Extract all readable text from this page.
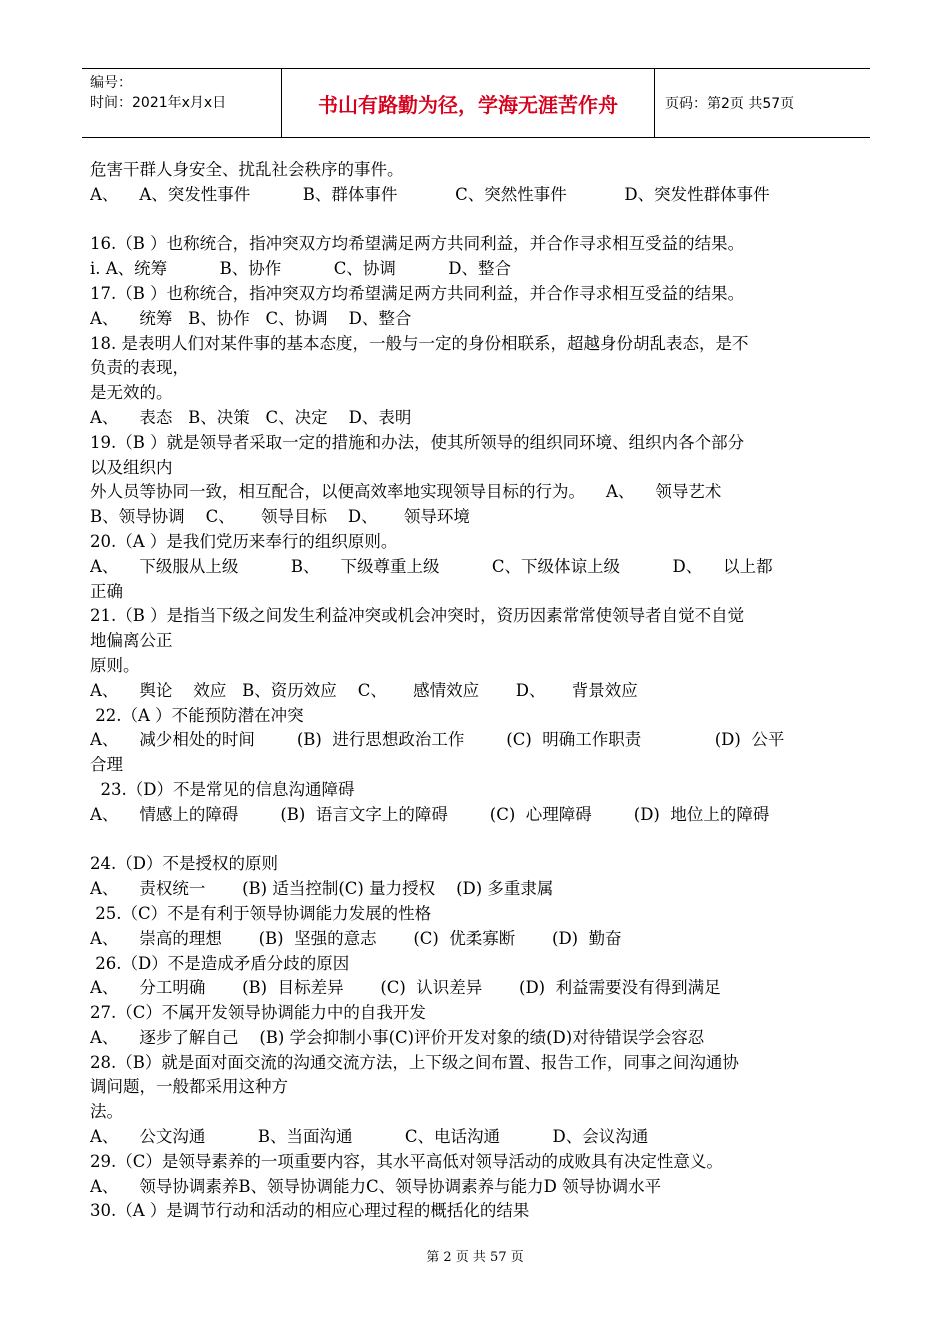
编号：
时间：2021年x月x日	书山有路勤为径，学海无涯苦作舟	页码：第2页 共57页
危害干群人身安全、扰乱社会秩序的事件。
A、    A、突发性事件          B、群体事件           C、突然性事件           D、突发性群体事件
16.（B ）也称统合，指冲突双方均希望满足两方共同利益，并合作寻求相互受益的结果。
i. A、统筹          B、协作          C、协调          D、整合
17.（B ）也称统合，指冲突双方均希望满足两方共同利益，并合作寻求相互受益的结果。
A、    统筹   B、协作   C、协调    D、整合
18. 是表明人们对某件事的基本态度，一般与一定的身份相联系，超越身份胡乱表态，是不
负责的表现，
是无效的。
A、    表态   B、决策   C、决定    D、表明
19.（B ）就是领导者采取一定的措施和办法，使其所领导的组织同环境、组织内各个部分
以及组织内
外人员等协同一致，相互配合，以便高效率地实现领导目标的行为。    A、    领导艺术
B、领导协调    C、     领导目标    D、     领导环境
20.（A ）是我们党历来奉行的组织原则。
A、    下级服从上级          B、    下级尊重上级          C、下级体谅上级          D、    以上都
正确
21.（B ）是指当下级之间发生利益冲突或机会冲突时，资历因素常常使领导者自觉不自觉
地偏离公正
原则。
A、    舆论    效应   B、资历效应    C、     感情效应       D、     背景效应
22.（A ）不能预防潜在冲突
A、    减少相处的时间        (B)  进行思想政治工作        (C)  明确工作职责              (D)  公平
合理
23.（D）不是常见的信息沟通障碍
A、    情感上的障碍        (B)  语言文字上的障碍        (C)  心理障碍        (D)  地位上的障碍
24.（D）不是授权的原则
A、    责权统一       (B) 适当控制(C) 量力授权    (D) 多重隶属
25.（C）不是有利于领导协调能力发展的性格
A、    崇高的理想       (B)  坚强的意志       (C)  优柔寡断       (D)  勤奋
26.（D）不是造成矛盾分歧的原因
A、    分工明确       (B)  目标差异       (C)  认识差异       (D)  利益需要没有得到满足
27.（C）不属开发领导协调能力中的自我开发
A、    逐步了解自己    (B) 学会抑制小事(C)评价开发对象的绩(D)对待错误学会容忍
28.（B）就是面对面交流的沟通交流方法，上下级之间布置、报告工作，同事之间沟通协
调问题，一般都采用这种方
法。
A、    公文沟通          B、当面沟通          C、电话沟通          D、会议沟通
29.（C）是领导素养的一项重要内容，其水平高低对领导活动的成败具有决定性意义。
A、    领导协调素养B、领导协调能力C、领导协调素养与能力D 领导协调水平
30.（A ）是调节行动和活动的相应心理过程的概括化的结果
第 2 页 共 57 页
